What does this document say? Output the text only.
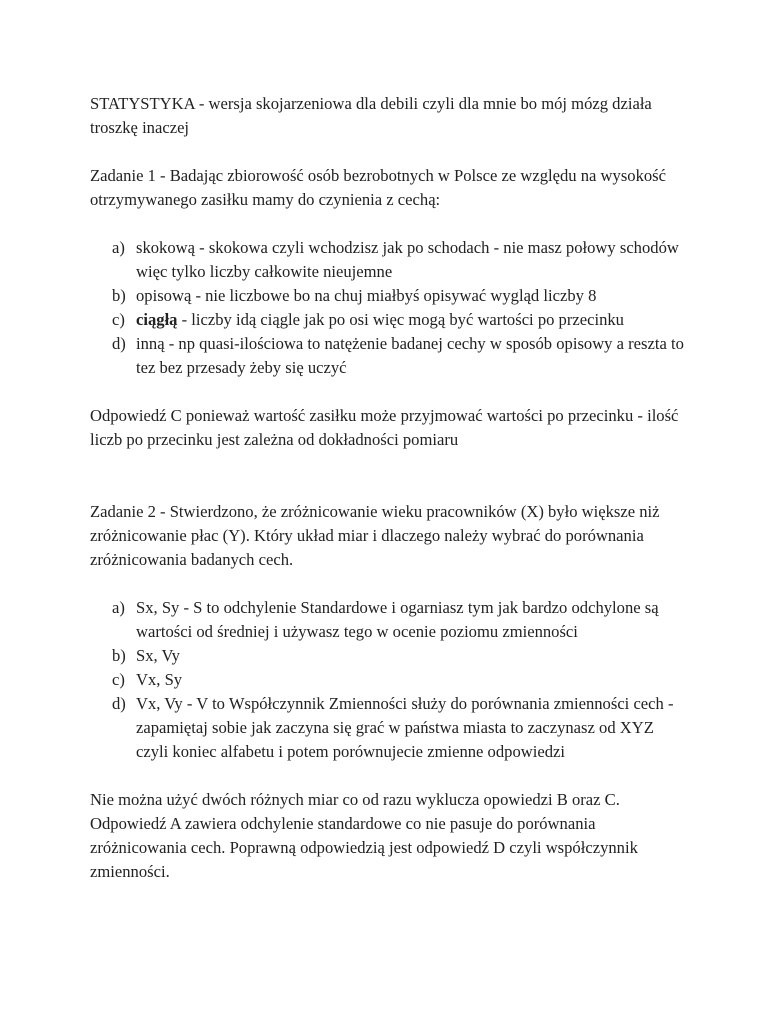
STATYSTYKA - wersja skojarzeniowa dla debili czyli dla mnie bo mój mózg działa troszkę inaczej

Zadanie 1 - Badając zbiorowość osób bezrobotnych w Polsce ze względu na wysokość otrzymywanego zasiłku mamy do czynienia z cechą:

a) skokową - skokowa czyli wchodzisz jak po schodach - nie masz połowy schodów więc tylko liczby całkowite nieujemne
b) opisową - nie liczbowe bo na chuj miałbyś opisywać wygląd liczby 8
c) ciągłą - liczby idą ciągle jak po osi więc mogą być wartości po przecinku
d) inną - np quasi-ilościowa to natężenie badanej cechy w sposób opisowy a reszta to tez bez przesady żeby się uczyć

Odpowiedź C ponieważ wartość zasiłku może przyjmować wartości po przecinku - ilość liczb po przecinku jest zależna od dokładności pomiaru

Zadanie 2 - Stwierdzono, że zróżnicowanie wieku pracowników (X) było większe niż zróżnicowanie płac (Y). Który układ miar i dlaczego należy wybrać do porównania zróżnicowania badanych cech.

a) Sx, Sy - S to odchylenie Standardowe i ogarniasz tym jak bardzo odchylone są wartości od średniej i używasz tego w ocenie poziomu zmienności
b) Sx, Vy
c) Vx, Sy
d) Vx, Vy - V to Współczynnik Zmienności służy do porównania zmienności cech - zapamiętaj sobie jak zaczyna się grać w państwa miasta to zaczynasz od XYZ czyli koniec alfabetu i potem porównujecie zmienne odpowiedzi

Nie można użyć dwóch różnych miar co od razu wyklucza opowiedzi B oraz C. Odpowiedź A zawiera odchylenie standardowe co nie pasuje do porównania zróżnicowania cech. Poprawną odpowiedzią jest odpowiedź D czyli współczynnik zmienności.
